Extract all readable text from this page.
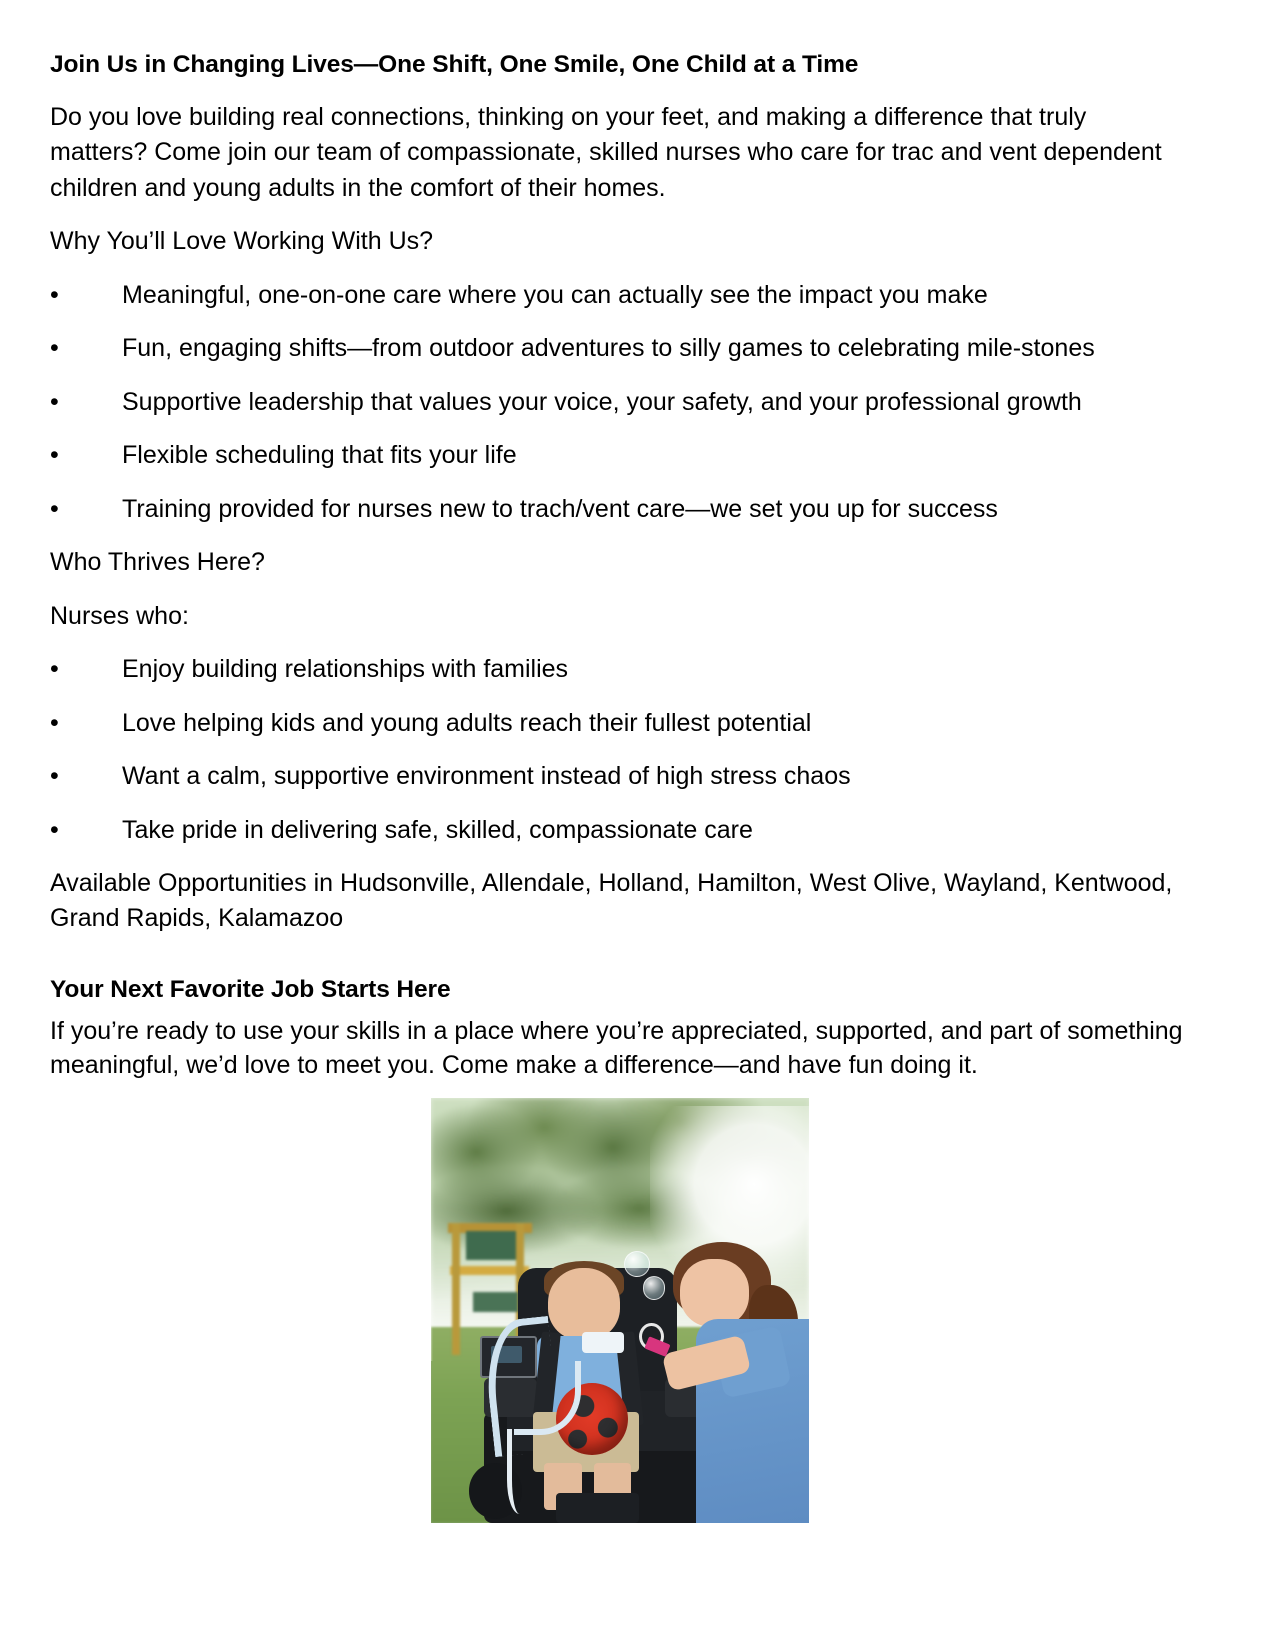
Join Us in Changing Lives—One Shift, One Smile, One Child at a Time

Do you love building real connections, thinking on your feet, and making a difference that truly matters? Come join our team of compassionate, skilled nurses who care for trac and vent dependent children and young adults in the comfort of their homes.

Why You’ll Love Working With Us?

•	Meaningful, one-on-one care where you can actually see the impact you make
•	Fun, engaging shifts—from outdoor adventures to silly games to celebrating mile-stones
•	Supportive leadership that values your voice, your safety, and your professional growth
•	Flexible scheduling that fits your life
•	Training provided for nurses new to trach/vent care—we set you up for success

Who Thrives Here?

Nurses who:

•	Enjoy building relationships with families
•	Love helping kids and young adults reach their fullest potential
•	Want a calm, supportive environment instead of high stress chaos
•	Take pride in delivering safe, skilled, compassionate care

Available Opportunities in Hudsonville, Allendale, Holland, Hamilton, West Olive, Wayland, Kentwood, Grand Rapids, Kalamazoo

Your Next Favorite Job Starts Here

If you’re ready to use your skills in a place where you’re appreciated, supported, and part of something meaningful, we’d love to meet you. Come make a difference—and have fun doing it.
